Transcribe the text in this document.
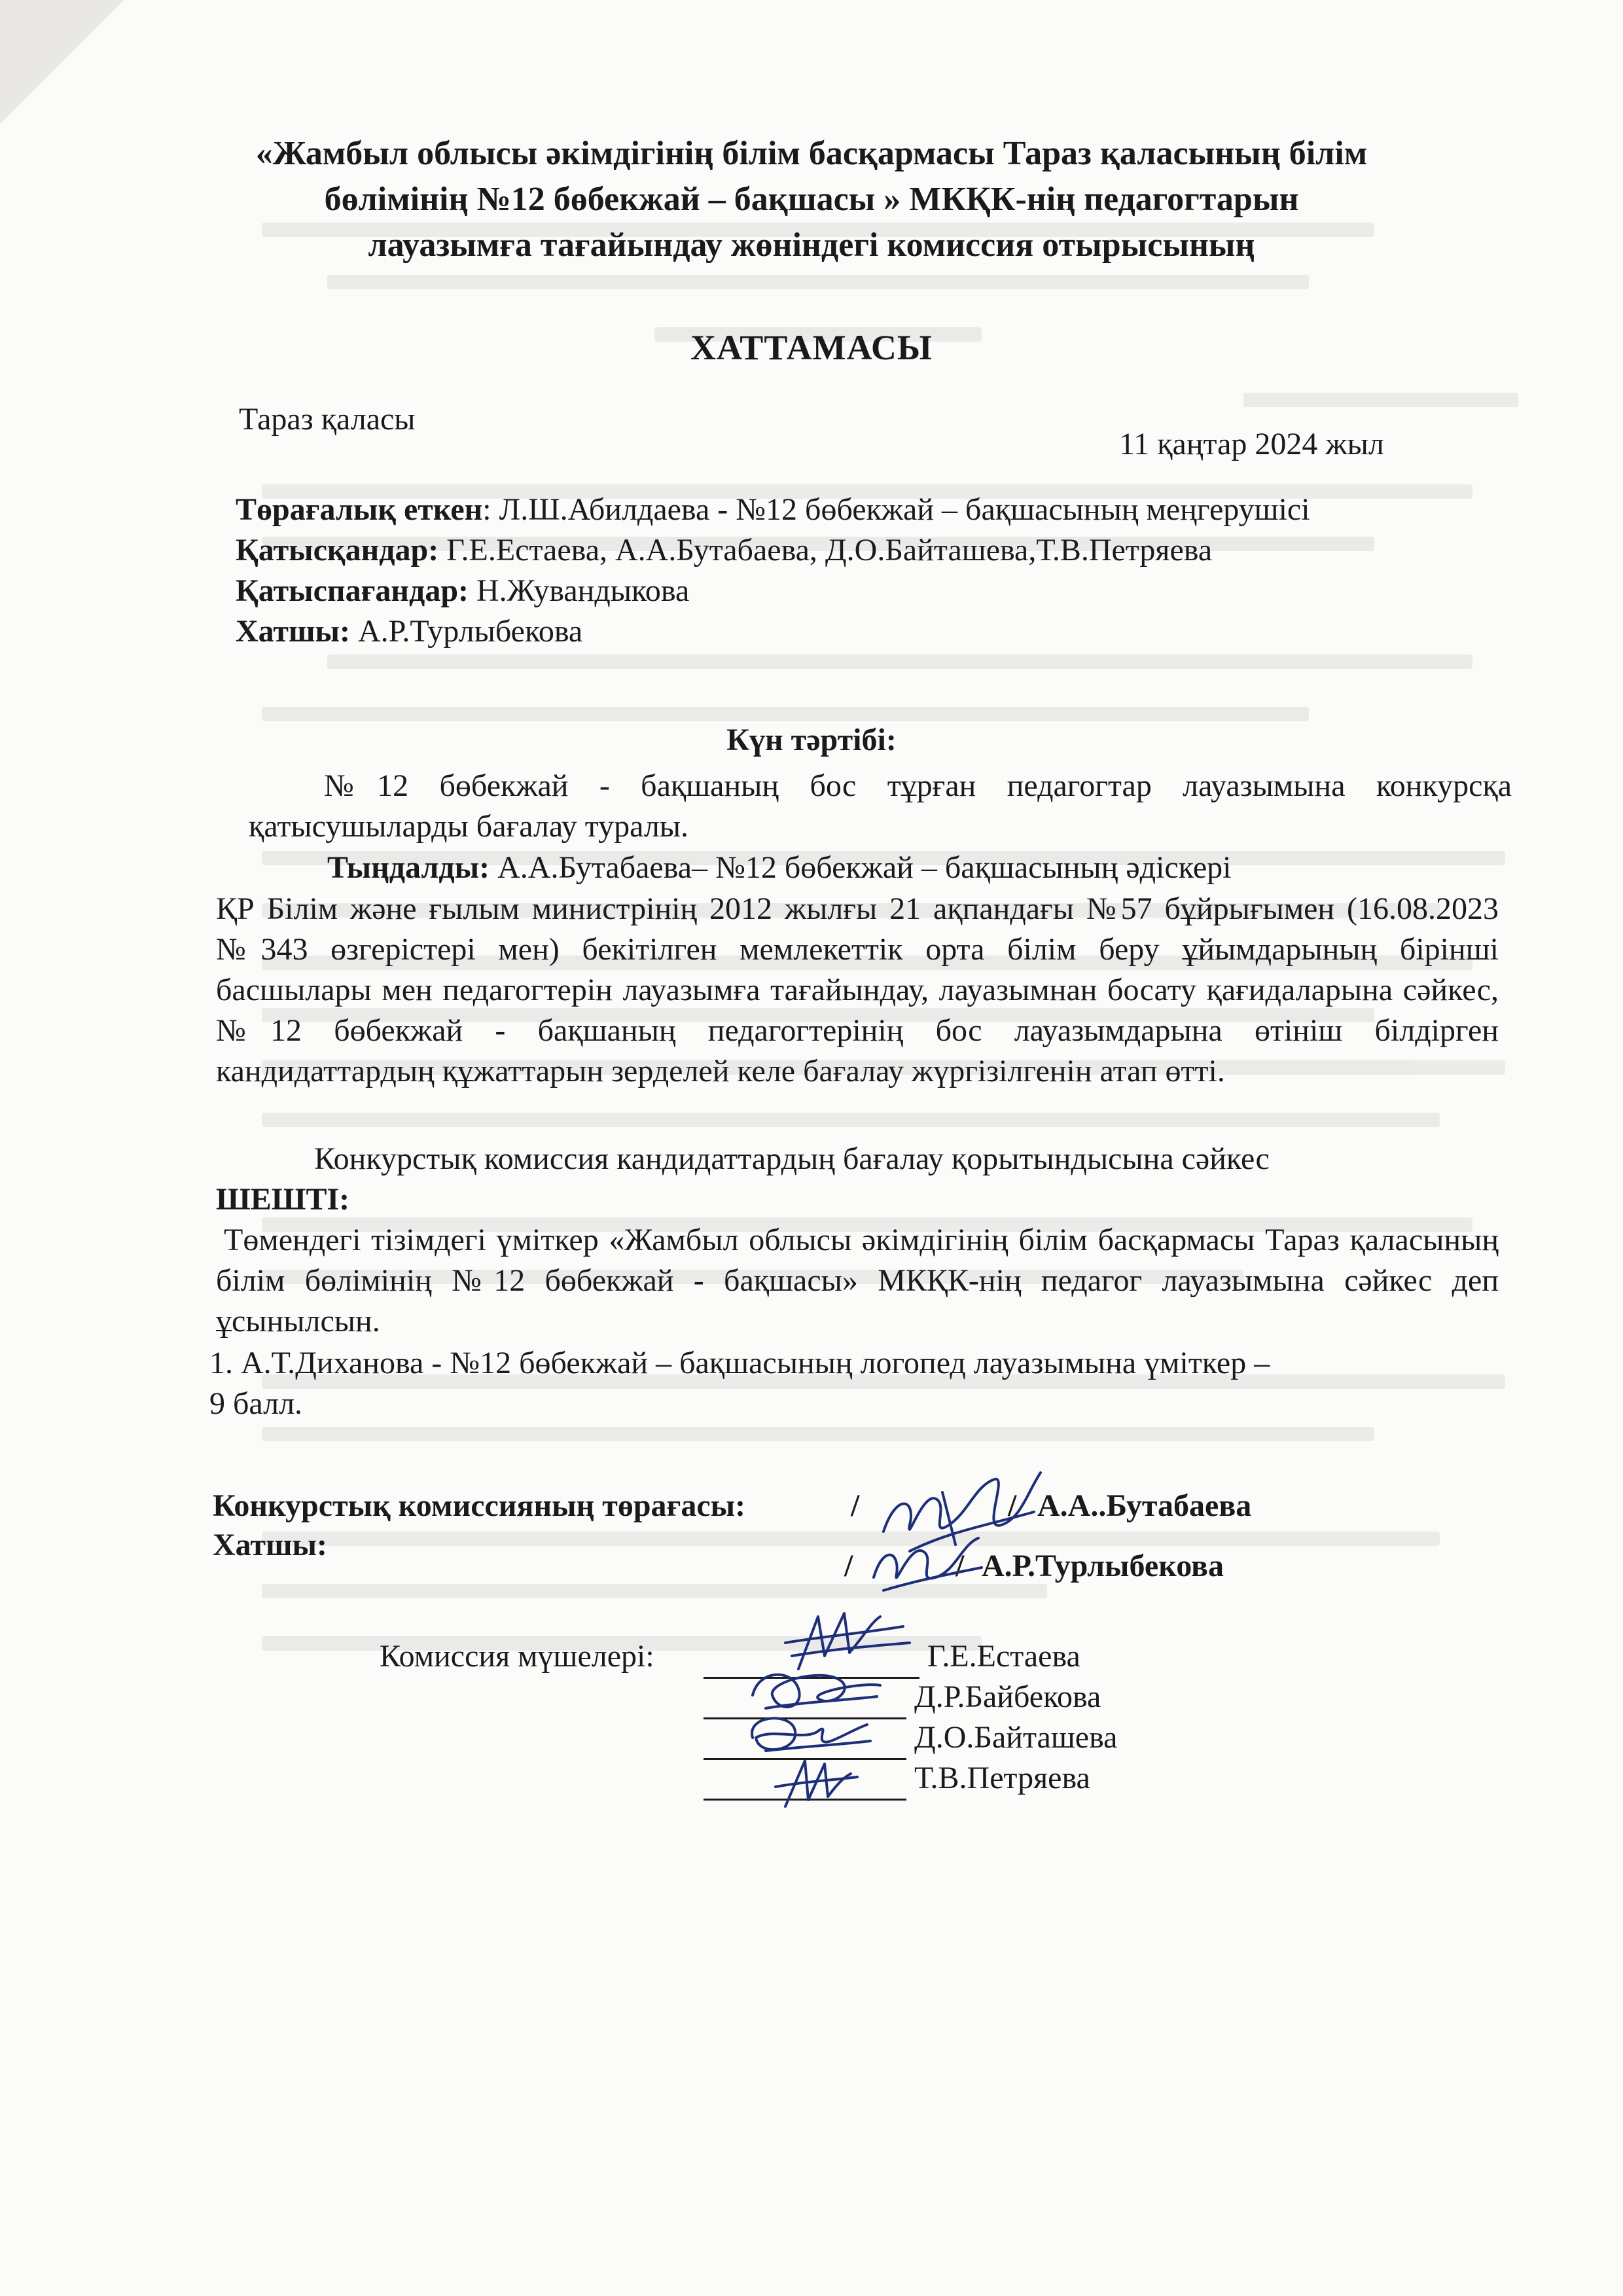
«Жамбыл облысы әкімдігінің білім басқармасы Тараз қаласының білім
бөлімінің №12 бөбекжай – бақшасы » МКҚК-нің педагогтарын
лауазымға тағайындау жөніндегі комиссия отырысының
ХАТТАМАСЫ
Тараз қаласы
11 қаңтар 2024 жыл
Төрағалық еткен: Л.Ш.Абилдаева - №12 бөбекжай – бақшасының меңгерушісі
Қатысқандар: Г.Е.Естаева, А.А.Бутабаева, Д.О.Байташева,Т.В.Петряева
Қатыспағандар: Н.Жувандыкова
Хатшы: А.Р.Турлыбекова
Күн тәртібі:
№12 бөбекжай - бақшаның бос тұрған педагогтар лауазымына конкурсқа қатысушыларды бағалау туралы.
Тыңдалды: А.А.Бутабаева– №12 бөбекжай – бақшасының әдіскері
ҚР Білім және ғылым министрінің 2012 жылғы 21 ақпандағы №57 бұйрығымен (16.08.2023 №343 өзгерістері мен) бекітілген мемлекеттік орта білім беру ұйымдарының бірінші басшылары мен педагогтерін лауазымға тағайындау, лауазымнан босату қағидаларына сәйкес, №12 бөбекжай - бақшаның педагогтерінің бос лауазымдарына өтініш білдірген кандидаттардың құжаттарын зерделей келе бағалау жүргізілгенін атап өтті.
Конкурстық комиссия кандидаттардың бағалау қорытындысына сәйкес
ШЕШТІ:
Төмендегі тізімдегі үміткер «Жамбыл облысы әкімдігінің білім басқармасы Тараз қаласының білім бөлімінің №12 бөбекжай - бақшасы» МКҚК-нің педагог лауазымына сәйкес деп ұсынылсын.
1. А.Т.Диханова - №12 бөбекжай – бақшасының логопед лауазымына үміткер –
9 балл.
Конкурстық комиссияның төрағасы:	/	/ А.А..Бутабаева
Хатшы:
/	/ А.Р.Турлыбекова
Комиссия мүшелері:	Г.Е.Естаева
Д.Р.Байбекова
Д.О.Байташева
Т.В.Петряева
